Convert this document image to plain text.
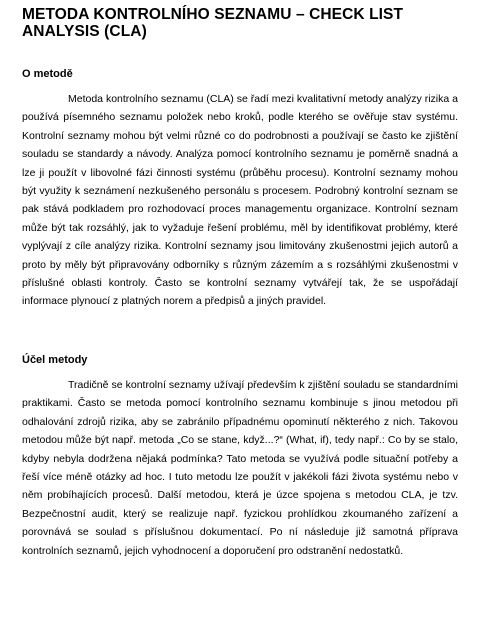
METODA KONTROLNÍHO SEZNAMU – CHECK LIST ANALYSIS (CLA)
O metodě

Metoda kontrolního seznamu (CLA) se řadí mezi kvalitativní metody analýzy rizika a používá písemného seznamu položek nebo kroků, podle kterého se ověřuje stav systému. Kontrolní seznamy mohou být velmi různé co do podrobnosti a používají se často ke zjištění souladu se standardy a návody. Analýza pomocí kontrolního seznamu je poměrně snadná a lze ji použít v libovolné fázi činnosti systému (průběhu procesu). Kontrolní seznamy mohou být využity k seznámení nezkušeného personálu s procesem. Podrobný kontrolní seznam se pak stává podkladem pro rozhodovací proces managementu organizace. Kontrolní seznam může být tak rozsáhlý, jak to vyžaduje řešení problému, měl by identifikovat problémy, které vyplývají z cíle analýzy rizika. Kontrolní seznamy jsou limitovány zkušenostmi jejich autorů a proto by měly být připravovány odborníky s různým zázemím a s rozsáhlými zkušenostmi v příslušné oblasti kontroly. Často se kontrolní seznamy vytvářejí tak, že se uspořádají informace plynoucí z platných norem a předpisů a jiných pravidel.

Účel metody

Tradičně se kontrolní seznamy užívají především k zjištění souladu se standardními praktikami. Často se metoda pomocí kontrolního seznamu kombinuje s jinou metodou při odhalování zdrojů rizika, aby se zabránilo případnému opominutí některého z nich. Takovou metodou může být např. metoda „Co se stane, když...?“ (What, if), tedy např.: Co by se stalo, kdyby nebyla dodržena nějaká podmínka? Tato metoda se využívá podle situační potřeby a řeší více méně otázky ad hoc. I tuto metodu lze použít v jakékoli fázi života systému nebo v něm probíhajících procesů. Další metodou, která je úzce spojena s metodou CLA, je tzv. Bezpečnostní audit, který se realizuje např. fyzickou prohlídkou zkoumaného zařízení a porovnává se soulad s příslušnou dokumentací. Po ní následuje již samotná příprava kontrolních seznamů, jejich vyhodnocení a doporučení pro odstranění nedostatků.
